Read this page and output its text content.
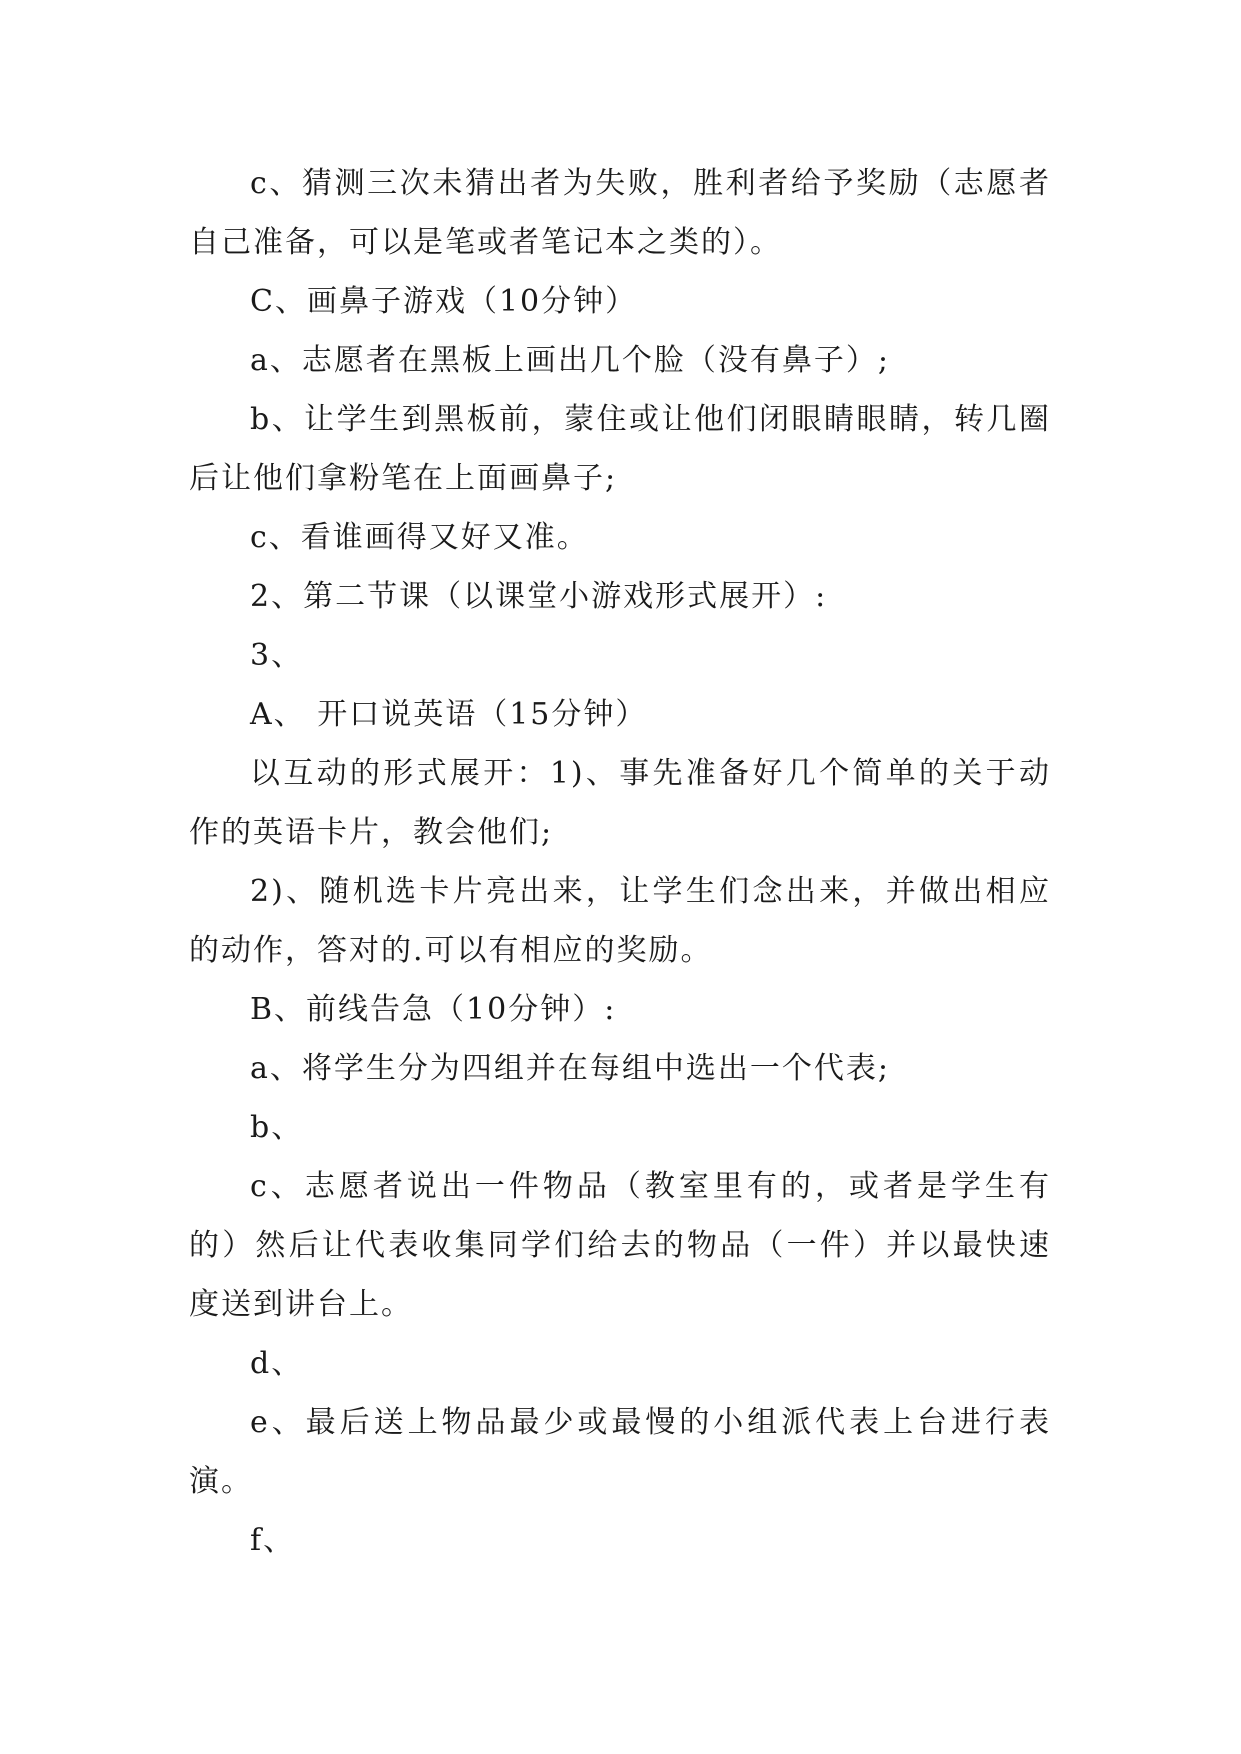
c、猜测三次未猜出者为失败，胜利者给予奖励（志愿者自己准备，可以是笔或者笔记本之类的）。

C、画鼻子游戏（10分钟）

a、志愿者在黑板上画出几个脸（没有鼻子）;

b、让学生到黑板前，蒙住或让他们闭眼睛眼睛，转几圈后让他们拿粉笔在上面画鼻子;

c、看谁画得又好又准。

2、第二节课（以课堂小游戏形式展开）:

3、

A、 开口说英语（15分钟）

以互动的形式展开：1)、事先准备好几个简单的关于动作的英语卡片，教会他们;

2)、随机选卡片亮出来，让学生们念出来，并做出相应的动作，答对的.可以有相应的奖励。

B、前线告急（10分钟）:

a、将学生分为四组并在每组中选出一个代表;

b、

c、志愿者说出一件物品（教室里有的，或者是学生有的）然后让代表收集同学们给去的物品（一件）并以最快速度送到讲台上。

d、

e、最后送上物品最少或最慢的小组派代表上台进行表演。

f、
